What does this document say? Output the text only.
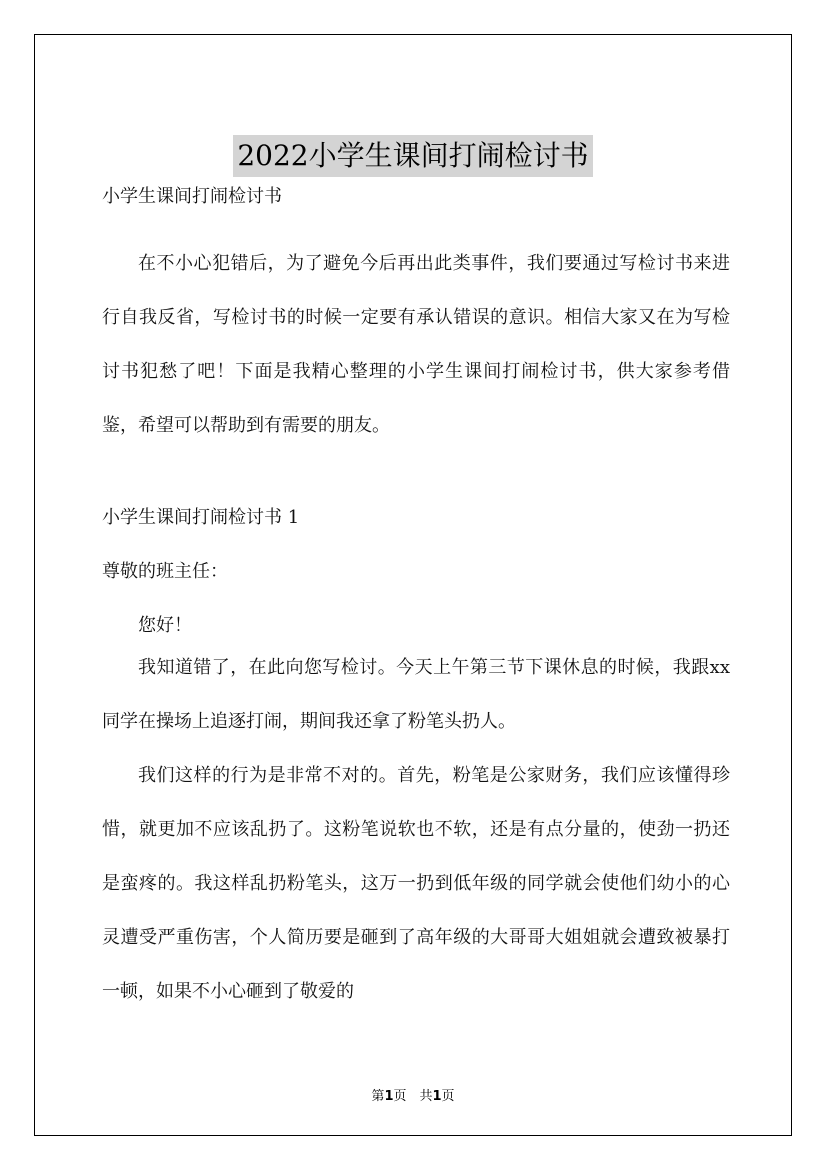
2022小学生课间打闹检讨书

小学生课间打闹检讨书

在不小心犯错后，为了避免今后再出此类事件，我们要通过写检讨书来进行自我反省，写检讨书的时候一定要有承认错误的意识。相信大家又在为写检讨书犯愁了吧！下面是我精心整理的小学生课间打闹检讨书，供大家参考借鉴，希望可以帮助到有需要的朋友。

小学生课间打闹检讨书 1

尊敬的班主任：

您好！

我知道错了，在此向您写检讨。今天上午第三节下课休息的时候，我跟xx同学在操场上追逐打闹，期间我还拿了粉笔头扔人。

我们这样的行为是非常不对的。首先，粉笔是公家财务，我们应该懂得珍惜，就更加不应该乱扔了。这粉笔说软也不软，还是有点分量的，使劲一扔还是蛮疼的。我这样乱扔粉笔头，这万一扔到低年级的同学就会使他们幼小的心灵遭受严重伤害，个人简历要是砸到了高年级的大哥哥大姐姐就会遭致被暴打一顿，如果不小心砸到了敬爱的

第1页　共1页
